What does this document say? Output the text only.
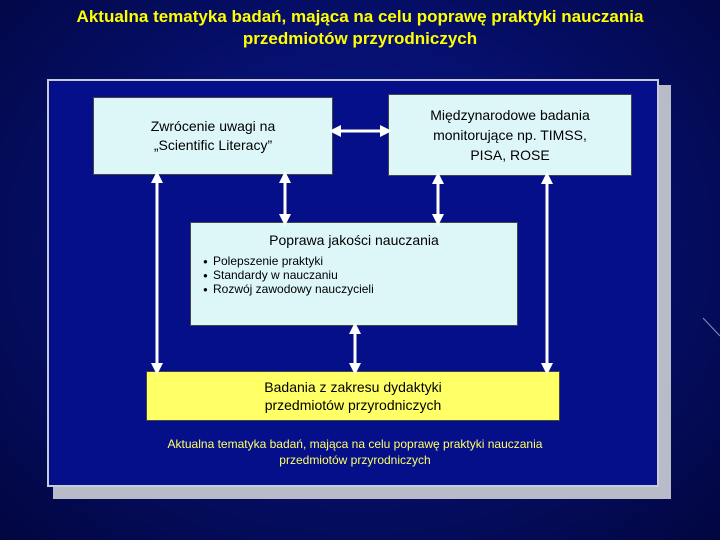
Aktualna tematyka badań, mająca na celu poprawę praktyki nauczania
przedmiotów przyrodniczych
Zwrócenie uwagi na
„Scientific Literacy”
Międzynarodowe badania
monitorujące np. TIMSS,
PISA, ROSE
Poprawa jakości nauczania
● Polepszenie praktyki
● Standardy w nauczaniu
● Rozwój zawodowy nauczycieli
Badania z zakresu dydaktyki
przedmiotów przyrodniczych
Aktualna tematyka badań, mająca na celu poprawę praktyki nauczania
przedmiotów przyrodniczych
